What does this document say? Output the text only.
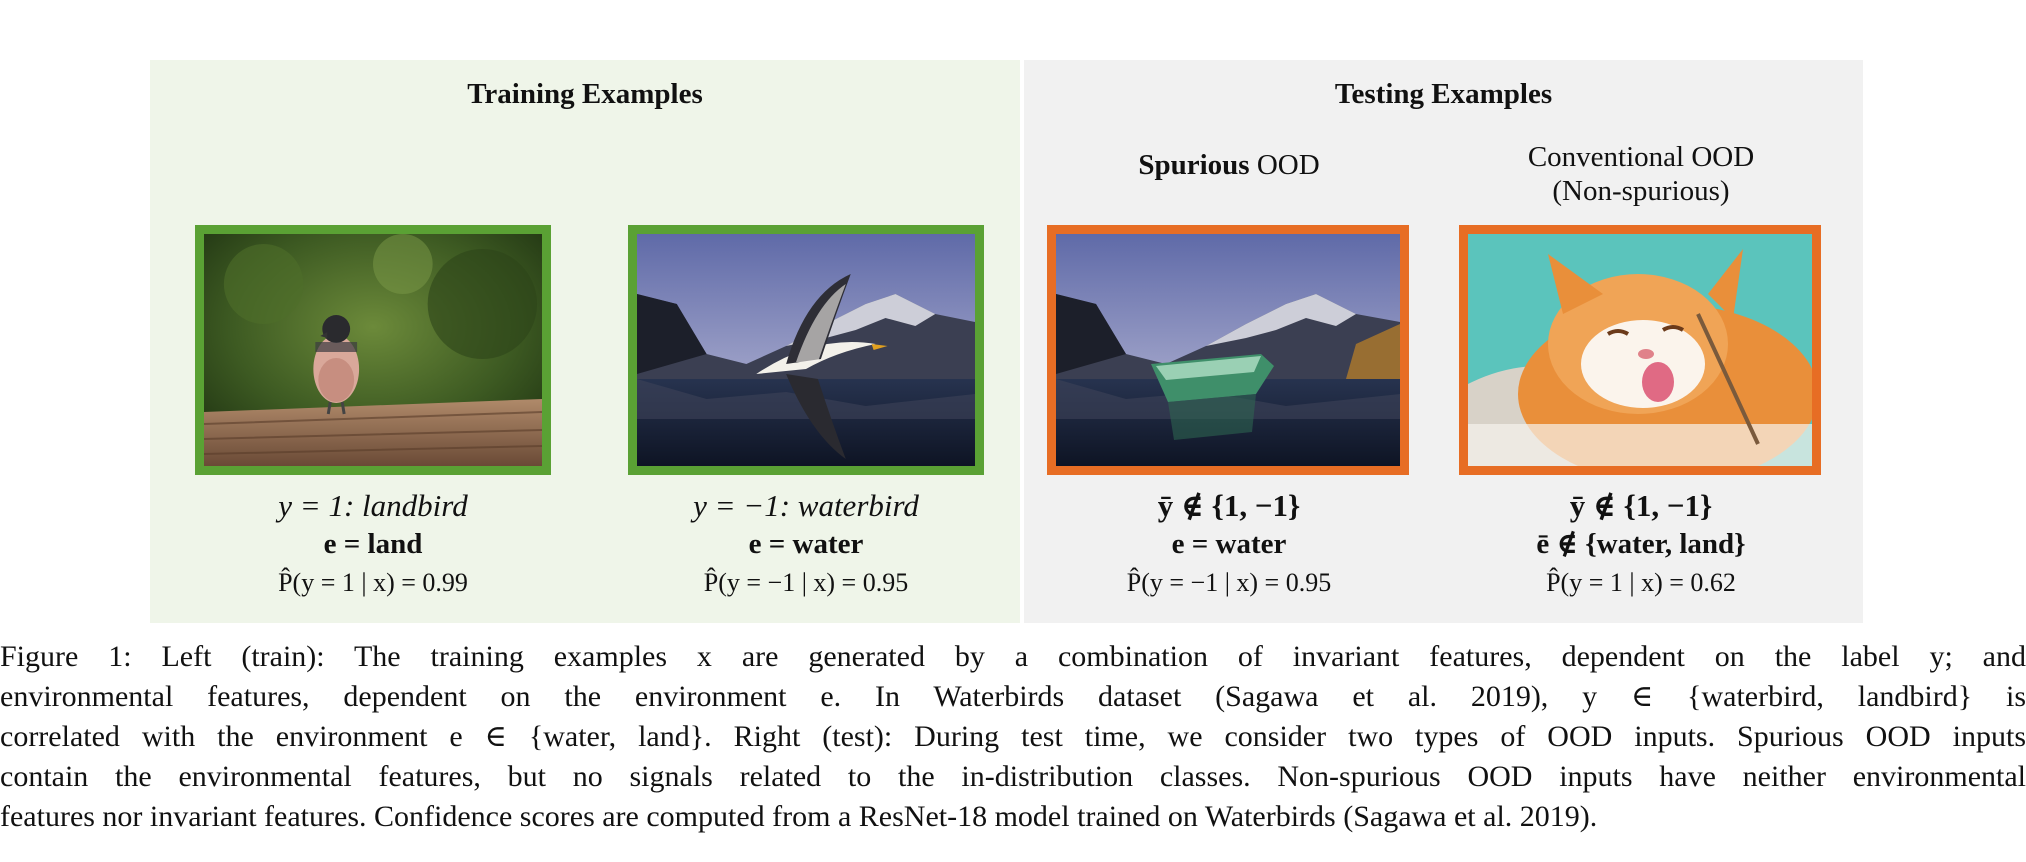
Training Examples
y = 1: landbird
e = land
P̂(y = 1 | x) = 0.99
y = −1: waterbird
e = water
P̂(y = −1 | x) = 0.95
Testing Examples
Spurious OOD	Conventional OOD
(Non-spurious)
ȳ ∉ {1, −1}
e = water
P̂(y = −1 | x) = 0.95
ȳ ∉ {1, −1}
ē ∉ {water, land}
P̂(y = 1 | x) = 0.62
Figure 1: Left (train): The training examples x are generated by a combination of invariant features, dependent on the label y; and
environmental features, dependent on the environment e. In Waterbirds dataset (Sagawa et al. 2019), y ∈ {waterbird, landbird} is
correlated with the environment e ∈ {water, land}. Right (test): During test time, we consider two types of OOD inputs. Spurious OOD inputs
contain the environmental features, but no signals related to the in-distribution classes. Non-spurious OOD inputs have neither environmental
features nor invariant features. Confidence scores are computed from a ResNet-18 model trained on Waterbirds (Sagawa et al. 2019).
